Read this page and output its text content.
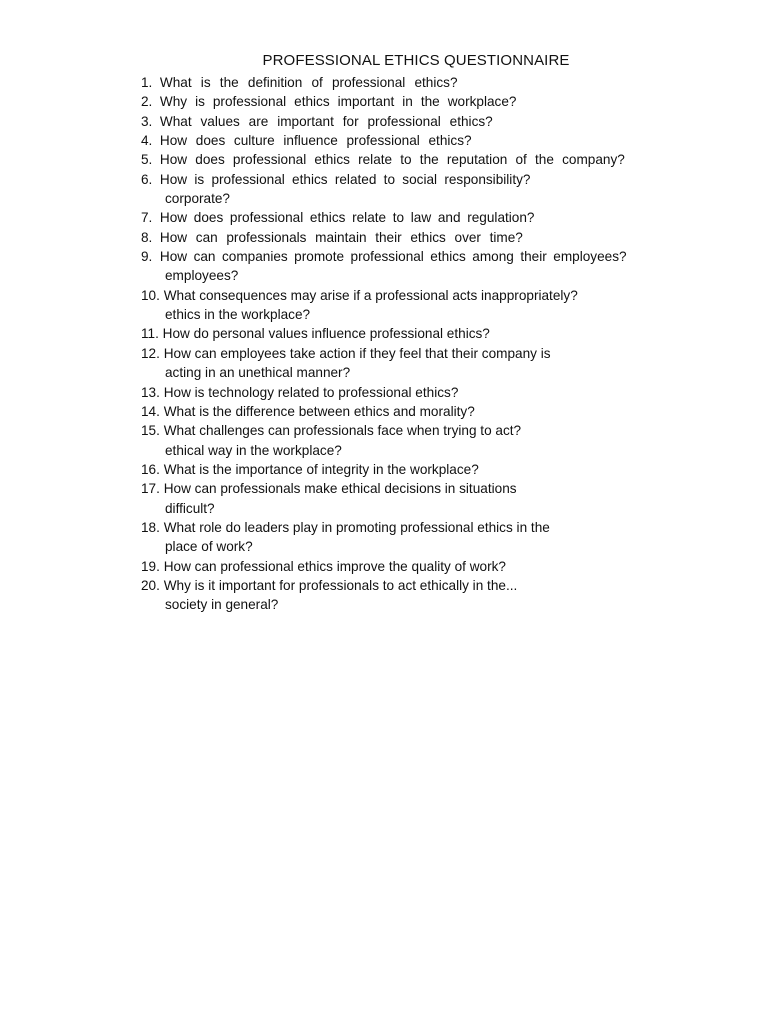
PROFESSIONAL ETHICS QUESTIONNAIRE
1. What is the definition of professional ethics?
2. Why is professional ethics important in the workplace?
3. What values are important for professional ethics?
4. How does culture influence professional ethics?
5. How does professional ethics relate to the reputation of the company?
6. How is professional ethics related to social responsibility?
corporate?
7. How does professional ethics relate to law and regulation?
8. How can professionals maintain their ethics over time?
9. How can companies promote professional ethics among their employees?
employees?
10. What consequences may arise if a professional acts inappropriately?
ethics in the workplace?
11. How do personal values influence professional ethics?
12. How can employees take action if they feel that their company is
acting in an unethical manner?
13. How is technology related to professional ethics?
14. What is the difference between ethics and morality?
15. What challenges can professionals face when trying to act?
ethical way in the workplace?
16. What is the importance of integrity in the workplace?
17. How can professionals make ethical decisions in situations
difficult?
18. What role do leaders play in promoting professional ethics in the
place of work?
19. How can professional ethics improve the quality of work?
20. Why is it important for professionals to act ethically in the...
society in general?
